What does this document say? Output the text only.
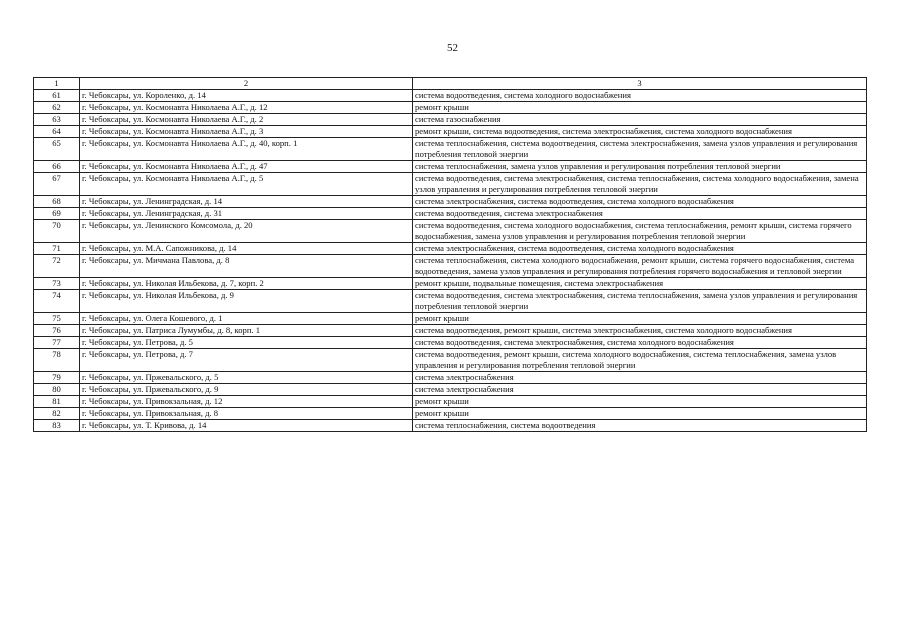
52
1	2	3
61	г. Чебоксары, ул. Короленко, д. 14	система водоотведения, система холодного водоснабжения
62	г. Чебоксары, ул. Космонавта Николаева А.Г., д. 12	ремонт крыши
63	г. Чебоксары, ул. Космонавта Николаева А.Г., д. 2	система газоснабжения
64	г. Чебоксары, ул. Космонавта Николаева А.Г., д. 3	ремонт крыши, система водоотведения, система электроснабжения, система холодного водоснабжения
65	г. Чебоксары, ул. Космонавта Николаева А.Г., д. 40, корп. 1	система теплоснабжения, система водоотведения, система электроснабжения, замена узлов управления и регулирования потребления тепловой энергии
66	г. Чебоксары, ул. Космонавта Николаева А.Г., д. 47	система теплоснабжения, замена узлов управления и регулирования потребления тепловой энергии
67	г. Чебоксары, ул. Космонавта Николаева А.Г., д. 5	система водоотведения, система электроснабжения, система теплоснабжения, система холодного водоснабжения, замена узлов управления и регулирования потребления тепловой энергии
68	г. Чебоксары, ул. Ленинградская, д. 14	система электроснабжения, система водоотведения, система холодного водоснабжения
69	г. Чебоксары, ул. Ленинградская, д. 31	система водоотведения, система электроснабжения
70	г. Чебоксары, ул. Ленинского Комсомола, д. 20	система водоотведения, система холодного водоснабжения, система теплоснабжения, ремонт крыши, система горячего водоснабжения, замена узлов управления и регулирования потребления тепловой энергии
71	г. Чебоксары, ул. М.А. Сапожникова, д. 14	система электроснабжения, система водоотведения, система холодного водоснабжения
72	г. Чебоксары, ул. Мичмана Павлова, д. 8	система теплоснабжения, система холодного водоснабжения, ремонт крыши, система горячего водоснабжения, система водоотведения, замена узлов управления и регулирования потребления горячего водоснабжения и тепловой энергии
73	г. Чебоксары, ул. Николая Ильбекова, д. 7, корп. 2	ремонт крыши, подвальные помещения, система электроснабжения
74	г. Чебоксары, ул. Николая Ильбекова, д. 9	система водоотведения, система электроснабжения, система теплоснабжения, замена узлов управления и регулирования потребления тепловой энергии
75	г. Чебоксары, ул. Олега Кошевого, д. 1	ремонт крыши
76	г. Чебоксары, ул. Патриса Лумумбы, д. 8, корп. 1	система водоотведения, ремонт крыши, система электроснабжения, система холодного водоснабжения
77	г. Чебоксары, ул. Петрова, д. 5	система водоотведения, система электроснабжения, система холодного водоснабжения
78	г. Чебоксары, ул. Петрова, д. 7	система водоотведения, ремонт крыши, система холодного водоснабжения, система теплоснабжения, замена узлов управления и регулирования потребления тепловой энергии
79	г. Чебоксары, ул. Пржевальского, д. 5	система электроснабжения
80	г. Чебоксары, ул. Пржевальского, д. 9	система электроснабжения
81	г. Чебоксары, ул. Привокзальная, д. 12	ремонт крыши
82	г. Чебоксары, ул. Привокзальная, д. 8	ремонт крыши
83	г. Чебоксары, ул. Т. Кривова, д. 14	система теплоснабжения, система водоотведения
